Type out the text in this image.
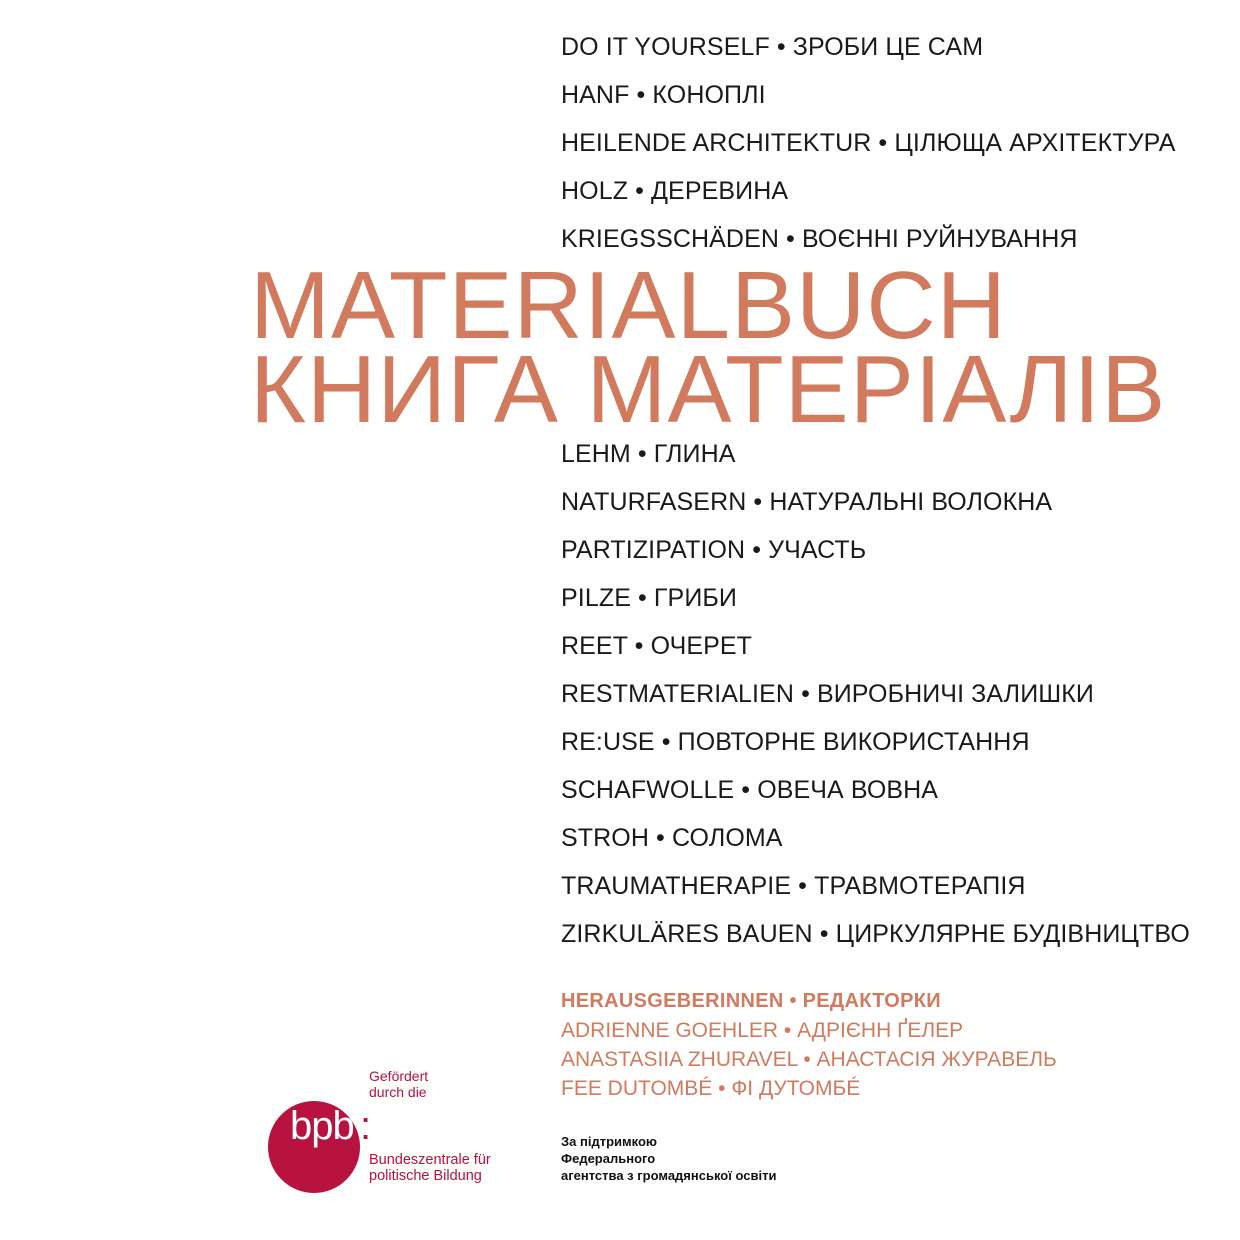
DO IT YOURSELF • ЗРОБИ ЦЕ САМ
HANF • КОНОПЛІ
HEILENDE ARCHITEKTUR • ЦІЛЮЩА АРХІТЕКТУРА
HOLZ • ДЕРЕВИНА
KRIEGSSCHÄDEN • ВОЄННІ РУЙНУВАННЯ
MATERIALBUCH
КНИГА МАТЕРІАЛІВ
LEHM • ГЛИНА
NATURFASERN • НАТУРАЛЬНІ ВОЛОКНА
PARTIZIPATION • УЧАСТЬ
PILZE • ГРИБИ
REET • ОЧЕРЕТ
RESTMATERIALIEN • ВИРОБНИЧІ ЗАЛИШКИ
RE:USE • ПОВТОРНЕ ВИКОРИСТАННЯ
SCHAFWOLLE • ОВЕЧА ВОВНА
STROH • СОЛОМА
TRAUMATHERAPIE • ТРАВМОТЕРАПІЯ
ZIRKULÄRES BAUEN • ЦИРКУЛЯРНЕ БУДІВНИЦТВО
HERAUSGEBERINNEN • РЕДАКТОРКИ
ADRIENNE GOEHLER • АДРІЄНН ҐЕЛЕР
ANASTASIIA ZHURAVEL • АНАСТАСІЯ ЖУРАВЕЛЬ
FEE DUTOMBÉ • ФІ ДУТОМБÉ
Gefördert
durch die
bpb :
Bundeszentrale für
politische Bildung
За підтримкою
Федерального
агентства з громадянської освіти
